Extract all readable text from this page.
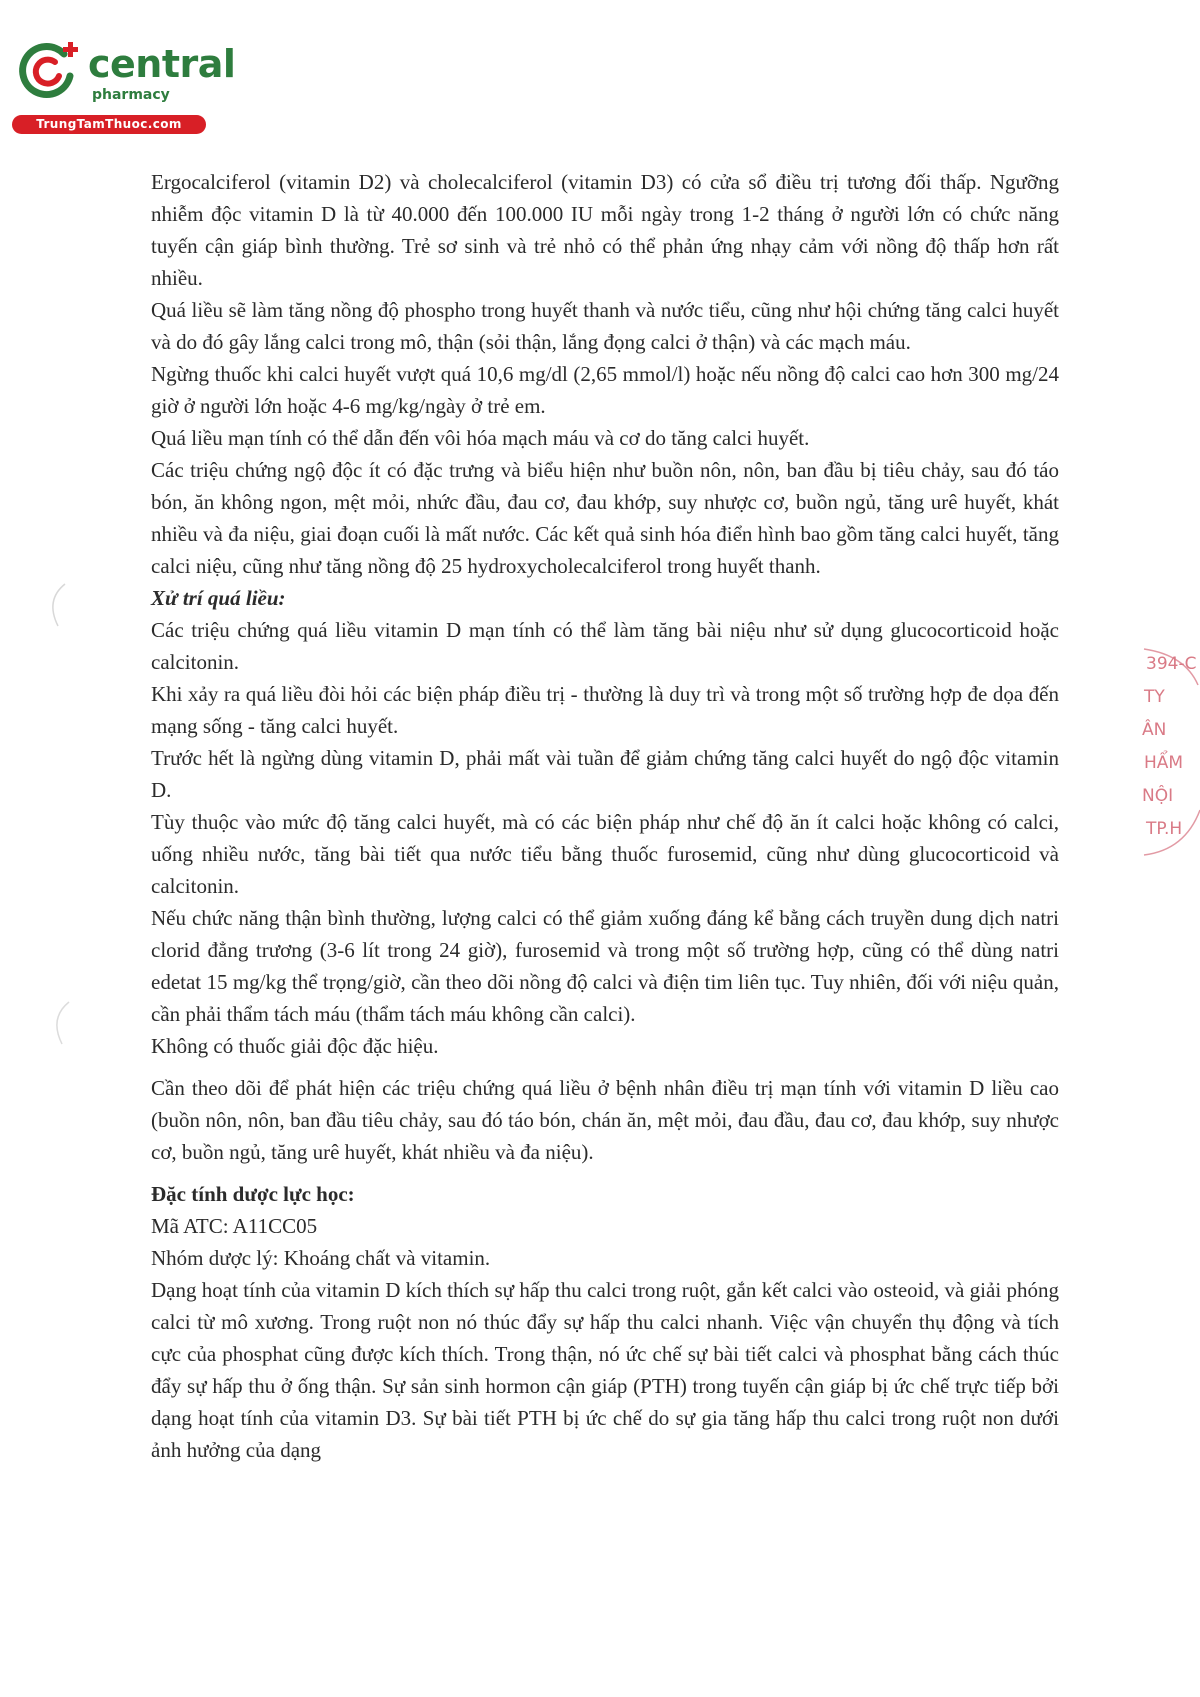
central
pharmacy
TrungTamThuoc.com

Ergocalciferol (vitamin D2) và cholecalciferol (vitamin D3) có cửa sổ điều trị tương đối thấp. Ngưỡng nhiễm độc vitamin D là từ 40.000 đến 100.000 IU mỗi ngày trong 1-2 tháng ở người lớn có chức năng tuyến cận giáp bình thường. Trẻ sơ sinh và trẻ nhỏ có thể phản ứng nhạy cảm với nồng độ thấp hơn rất nhiều.

Quá liều sẽ làm tăng nồng độ phospho trong huyết thanh và nước tiểu, cũng như hội chứng tăng calci huyết và do đó gây lắng calci trong mô, thận (sỏi thận, lắng đọng calci ở thận) và các mạch máu.

Ngừng thuốc khi calci huyết vượt quá 10,6 mg/dl (2,65 mmol/l) hoặc nếu nồng độ calci cao hơn 300 mg/24 giờ ở người lớn hoặc 4-6 mg/kg/ngày ở trẻ em.

Quá liều mạn tính có thể dẫn đến vôi hóa mạch máu và cơ do tăng calci huyết.

Các triệu chứng ngộ độc ít có đặc trưng và biểu hiện như buồn nôn, nôn, ban đầu bị tiêu chảy, sau đó táo bón, ăn không ngon, mệt mỏi, nhức đầu, đau cơ, đau khớp, suy nhược cơ, buồn ngủ, tăng urê huyết, khát nhiều và đa niệu, giai đoạn cuối là mất nước. Các kết quả sinh hóa điển hình bao gồm tăng calci huyết, tăng calci niệu, cũng như tăng nồng độ 25 hydroxycholecalciferol trong huyết thanh.

Xử trí quá liều:

Các triệu chứng quá liều vitamin D mạn tính có thể làm tăng bài niệu như sử dụng glucocorticoid hoặc calcitonin.

Khi xảy ra quá liều đòi hỏi các biện pháp điều trị - thường là duy trì và trong một số trường hợp đe dọa đến mạng sống - tăng calci huyết.

Trước hết là ngừng dùng vitamin D, phải mất vài tuần để giảm chứng tăng calci huyết do ngộ độc vitamin D.

Tùy thuộc vào mức độ tăng calci huyết, mà có các biện pháp như chế độ ăn ít calci hoặc không có calci, uống nhiều nước, tăng bài tiết qua nước tiểu bằng thuốc furosemid, cũng như dùng glucocorticoid và calcitonin.

Nếu chức năng thận bình thường, lượng calci có thể giảm xuống đáng kể bằng cách truyền dung dịch natri clorid đẳng trương (3-6 lít trong 24 giờ), furosemid và trong một số trường hợp, cũng có thể dùng natri edetat 15 mg/kg thể trọng/giờ, cần theo dõi nồng độ calci và điện tim liên tục. Tuy nhiên, đối với niệu quản, cần phải thẩm tách máu (thẩm tách máu không cần calci).

Không có thuốc giải độc đặc hiệu.

Cần theo dõi để phát hiện các triệu chứng quá liều ở bệnh nhân điều trị mạn tính với vitamin D liều cao (buồn nôn, nôn, ban đầu tiêu chảy, sau đó táo bón, chán ăn, mệt mỏi, đau đầu, đau cơ, đau khớp, suy nhược cơ, buồn ngủ, tăng urê huyết, khát nhiều và đa niệu).

Đặc tính dược lực học:

Mã ATC: A11CC05

Nhóm dược lý: Khoáng chất và vitamin.

Dạng hoạt tính của vitamin D kích thích sự hấp thu calci trong ruột, gắn kết calci vào osteoid, và giải phóng calci từ mô xương. Trong ruột non nó thúc đẩy sự hấp thu calci nhanh. Việc vận chuyển thụ động và tích cực của phosphat cũng được kích thích. Trong thận, nó ức chế sự bài tiết calci và phosphat bằng cách thúc đẩy sự hấp thu ở ống thận. Sự sản sinh hormon cận giáp (PTH) trong tuyến cận giáp bị ức chế trực tiếp bởi dạng hoạt tính của vitamin D3. Sự bài tiết PTH bị ức chế do sự gia tăng hấp thu calci trong ruột non dưới ảnh hưởng của dạng

394-C
TY
ÂN
HẨM
NỘI
TP.H
